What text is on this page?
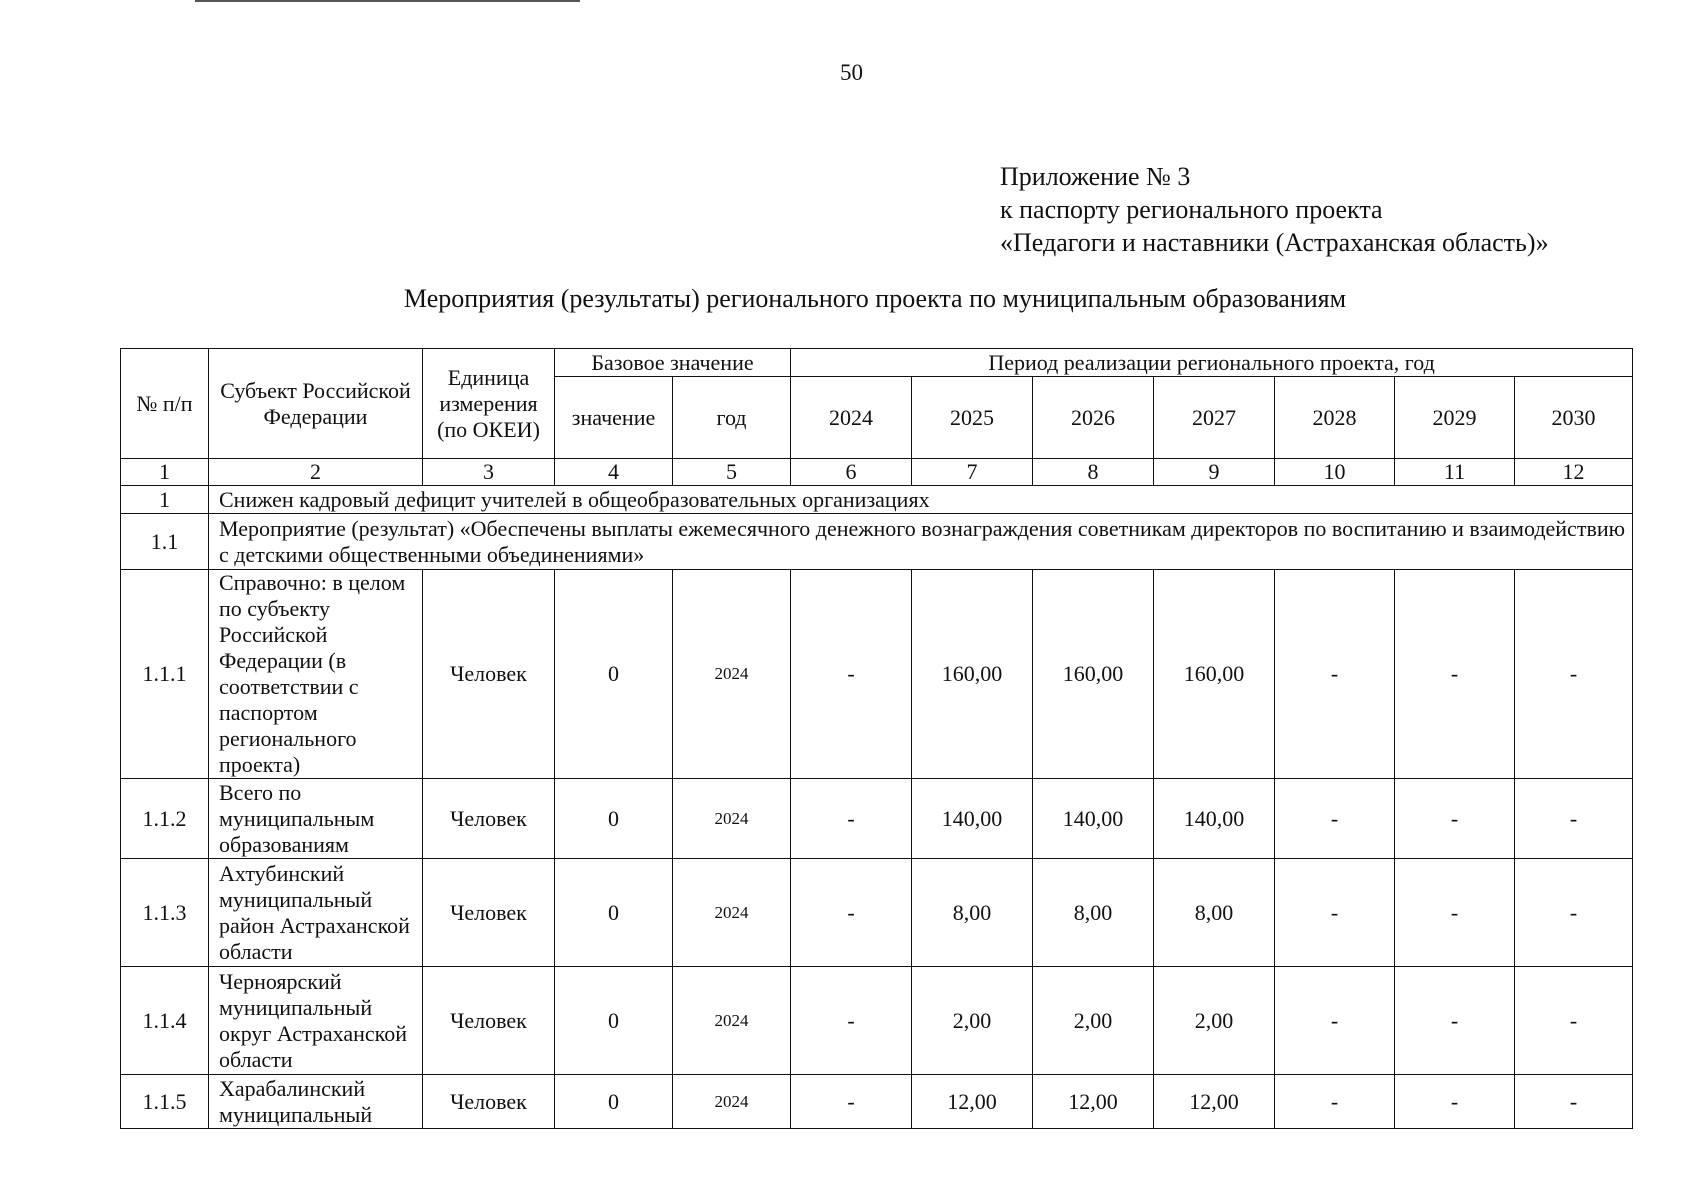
50
Приложение № 3
к паспорту регионального проекта
«Педагоги и наставники (Астраханская область)»
Мероприятия (результаты) регионального проекта по муниципальным образованиям
№ п/п	Субъект Российской Федерации	Единица измерения (по ОКЕИ)	Базовое значение		Период реализации регионального проекта, год						
			значение	год	2024	2025	2026	2027	2028	2029	2030
1	2	3	4	5	6	7	8	9	10	11	12
1	Снижен кадровый дефицит учителей в общеобразовательных организациях										
1.1	Мероприятие (результат) «Обеспечены выплаты ежемесячного денежного вознаграждения советникам директоров по воспитанию и взаимодействию с детскими общественными объединениями»										
1.1.1	Справочно: в целом по субъекту Российской Федерации (в соответствии с паспортом регионального проекта)	Человек	0	2024	-	160,00	160,00	160,00	-	-	-
1.1.2	Всего по муниципальным образованиям	Человек	0	2024	-	140,00	140,00	140,00	-	-	-
1.1.3	Ахтубинский муниципальный район Астраханской области	Человек	0	2024	-	8,00	8,00	8,00	-	-	-
1.1.4	Черноярский муниципальный округ Астраханской области	Человек	0	2024	-	2,00	2,00	2,00	-	-	-
1.1.5	Харабалинский муниципальный	Человек	0	2024	-	12,00	12,00	12,00	-	-	-
